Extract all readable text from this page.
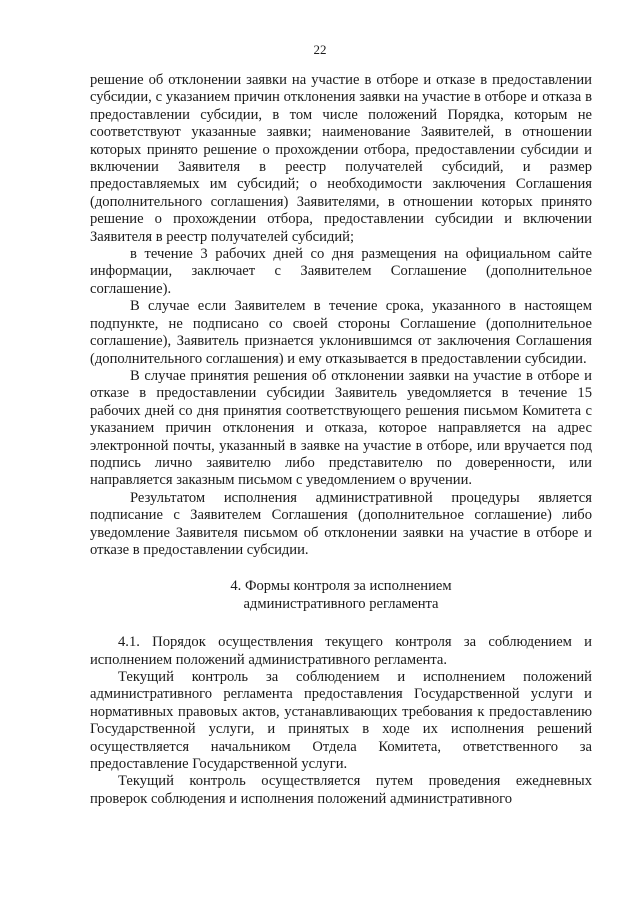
22

решение об отклонении заявки на участие в отборе и отказе в предоставлении субсидии, с указанием причин отклонения заявки на участие в отборе и отказа в предоставлении субсидии, в том числе положений Порядка, которым не соответствуют указанные заявки; наименование Заявителей, в отношении которых принято решение о прохождении отбора, предоставлении субсидии и включении Заявителя в реестр получателей субсидий, и размер предоставляемых им субсидий; о необходимости заключения Соглашения (дополнительного соглашения) Заявителями, в отношении которых принято решение о прохождении отбора, предоставлении субсидии и включении Заявителя в реестр получателей субсидий;

в течение 3 рабочих дней со дня размещения на официальном сайте информации, заключает с Заявителем Соглашение (дополнительное соглашение).

В случае если Заявителем в течение срока, указанного в настоящем подпункте, не подписано со своей стороны Соглашение (дополнительное соглашение), Заявитель признается уклонившимся от заключения Соглашения (дополнительного соглашения) и ему отказывается в предоставлении субсидии.

В случае принятия решения об отклонении заявки на участие в отборе и отказе в предоставлении субсидии Заявитель уведомляется в течение 15 рабочих дней со дня принятия соответствующего решения письмом Комитета с указанием причин отклонения и отказа, которое направляется на адрес электронной почты, указанный в заявке на участие в отборе, или вручается под подпись лично заявителю либо представителю по доверенности, или направляется заказным письмом с уведомлением о вручении.

Результатом исполнения административной процедуры является подписание с Заявителем Соглашения (дополнительное соглашение) либо уведомление Заявителя письмом об отклонении заявки на участие в отборе и отказе в предоставлении субсидии.

4. Формы контроля за исполнением
административного регламента

4.1. Порядок осуществления текущего контроля за соблюдением и исполнением положений административного регламента.

Текущий контроль за соблюдением и исполнением положений административного регламента предоставления Государственной услуги и нормативных правовых актов, устанавливающих требования к предоставлению Государственной услуги, и принятых в ходе их исполнения решений осуществляется начальником Отдела Комитета, ответственного за предоставление Государственной услуги.

Текущий контроль осуществляется путем проведения ежедневных проверок соблюдения и исполнения положений административного
